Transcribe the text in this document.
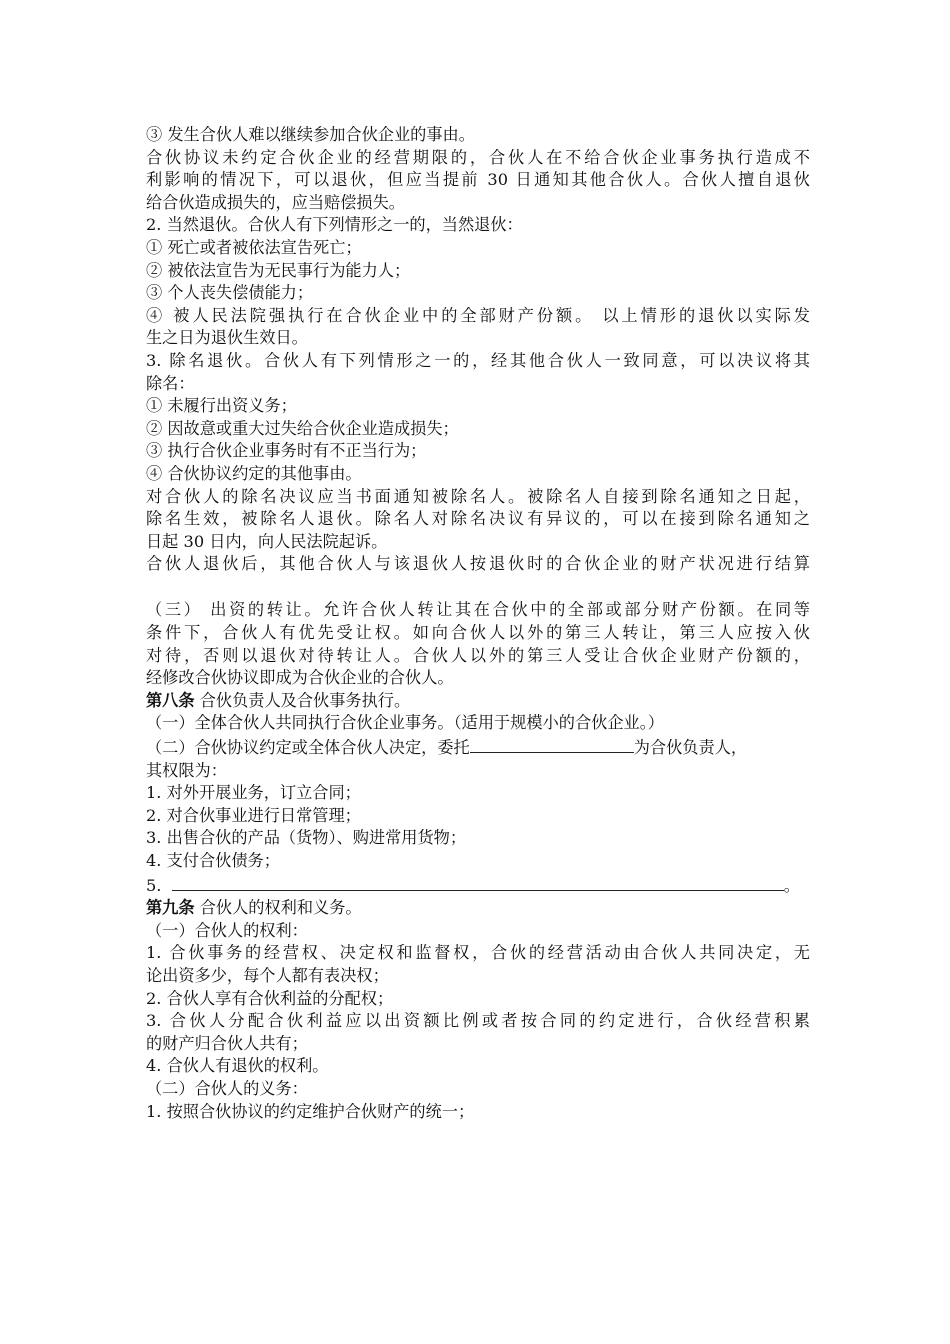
③ 发生合伙人难以继续参加合伙企业的事由。
合伙协议未约定合伙企业的经营期限的，合伙人在不给合伙企业事务执行造成不
利影响的情况下，可以退伙，但应当提前 30 日通知其他合伙人。合伙人擅自退伙
给合伙造成损失的，应当赔偿损失。
2. 当然退伙。合伙人有下列情形之一的，当然退伙：
① 死亡或者被依法宣告死亡；
② 被依法宣告为无民事行为能力人；
③ 个人丧失偿债能力；
④ 被人民法院强执行在合伙企业中的全部财产份额。 以上情形的退伙以实际发
生之日为退伙生效日。
3. 除名退伙。合伙人有下列情形之一的，经其他合伙人一致同意，可以决议将其
除名：
① 未履行出资义务；
② 因故意或重大过失给合伙企业造成损失；
③ 执行合伙企业事务时有不正当行为；
④ 合伙协议约定的其他事由。
对合伙人的除名决议应当书面通知被除名人。被除名人自接到除名通知之日起，
除名生效，被除名人退伙。除名人对除名决议有异议的，可以在接到除名通知之
日起 30 日内，向人民法院起诉。
合伙人退伙后，其他合伙人与该退伙人按退伙时的合伙企业的财产状况进行结算
（三） 出资的转让。允许合伙人转让其在合伙中的全部或部分财产份额。在同等
条件下，合伙人有优先受让权。如向合伙人以外的第三人转让，第三人应按入伙
对待，否则以退伙对待转让人。合伙人以外的第三人受让合伙企业财产份额的，
经修改合伙协议即成为合伙企业的合伙人。
第八条 合伙负责人及合伙事务执行。
（一）全体合伙人共同执行合伙企业事务。（适用于规模小的合伙企业。）
（二）合伙协议约定或全体合伙人决定，委托	为合伙负责人，
其权限为：
1. 对外开展业务，订立合同；
2. 对合伙事业进行日常管理；
3. 出售合伙的产品（货物）、购进常用货物；
4. 支付合伙债务；
5.	。
第九条 合伙人的权利和义务。
（一）合伙人的权利：
1. 合伙事务的经营权、决定权和监督权，合伙的经营活动由合伙人共同决定，无
论出资多少，每个人都有表决权；
2. 合伙人享有合伙利益的分配权；
3. 合伙人分配合伙利益应以出资额比例或者按合同的约定进行，合伙经营积累
的财产归合伙人共有；
4. 合伙人有退伙的权利。
（二）合伙人的义务：
1. 按照合伙协议的约定维护合伙财产的统一；
